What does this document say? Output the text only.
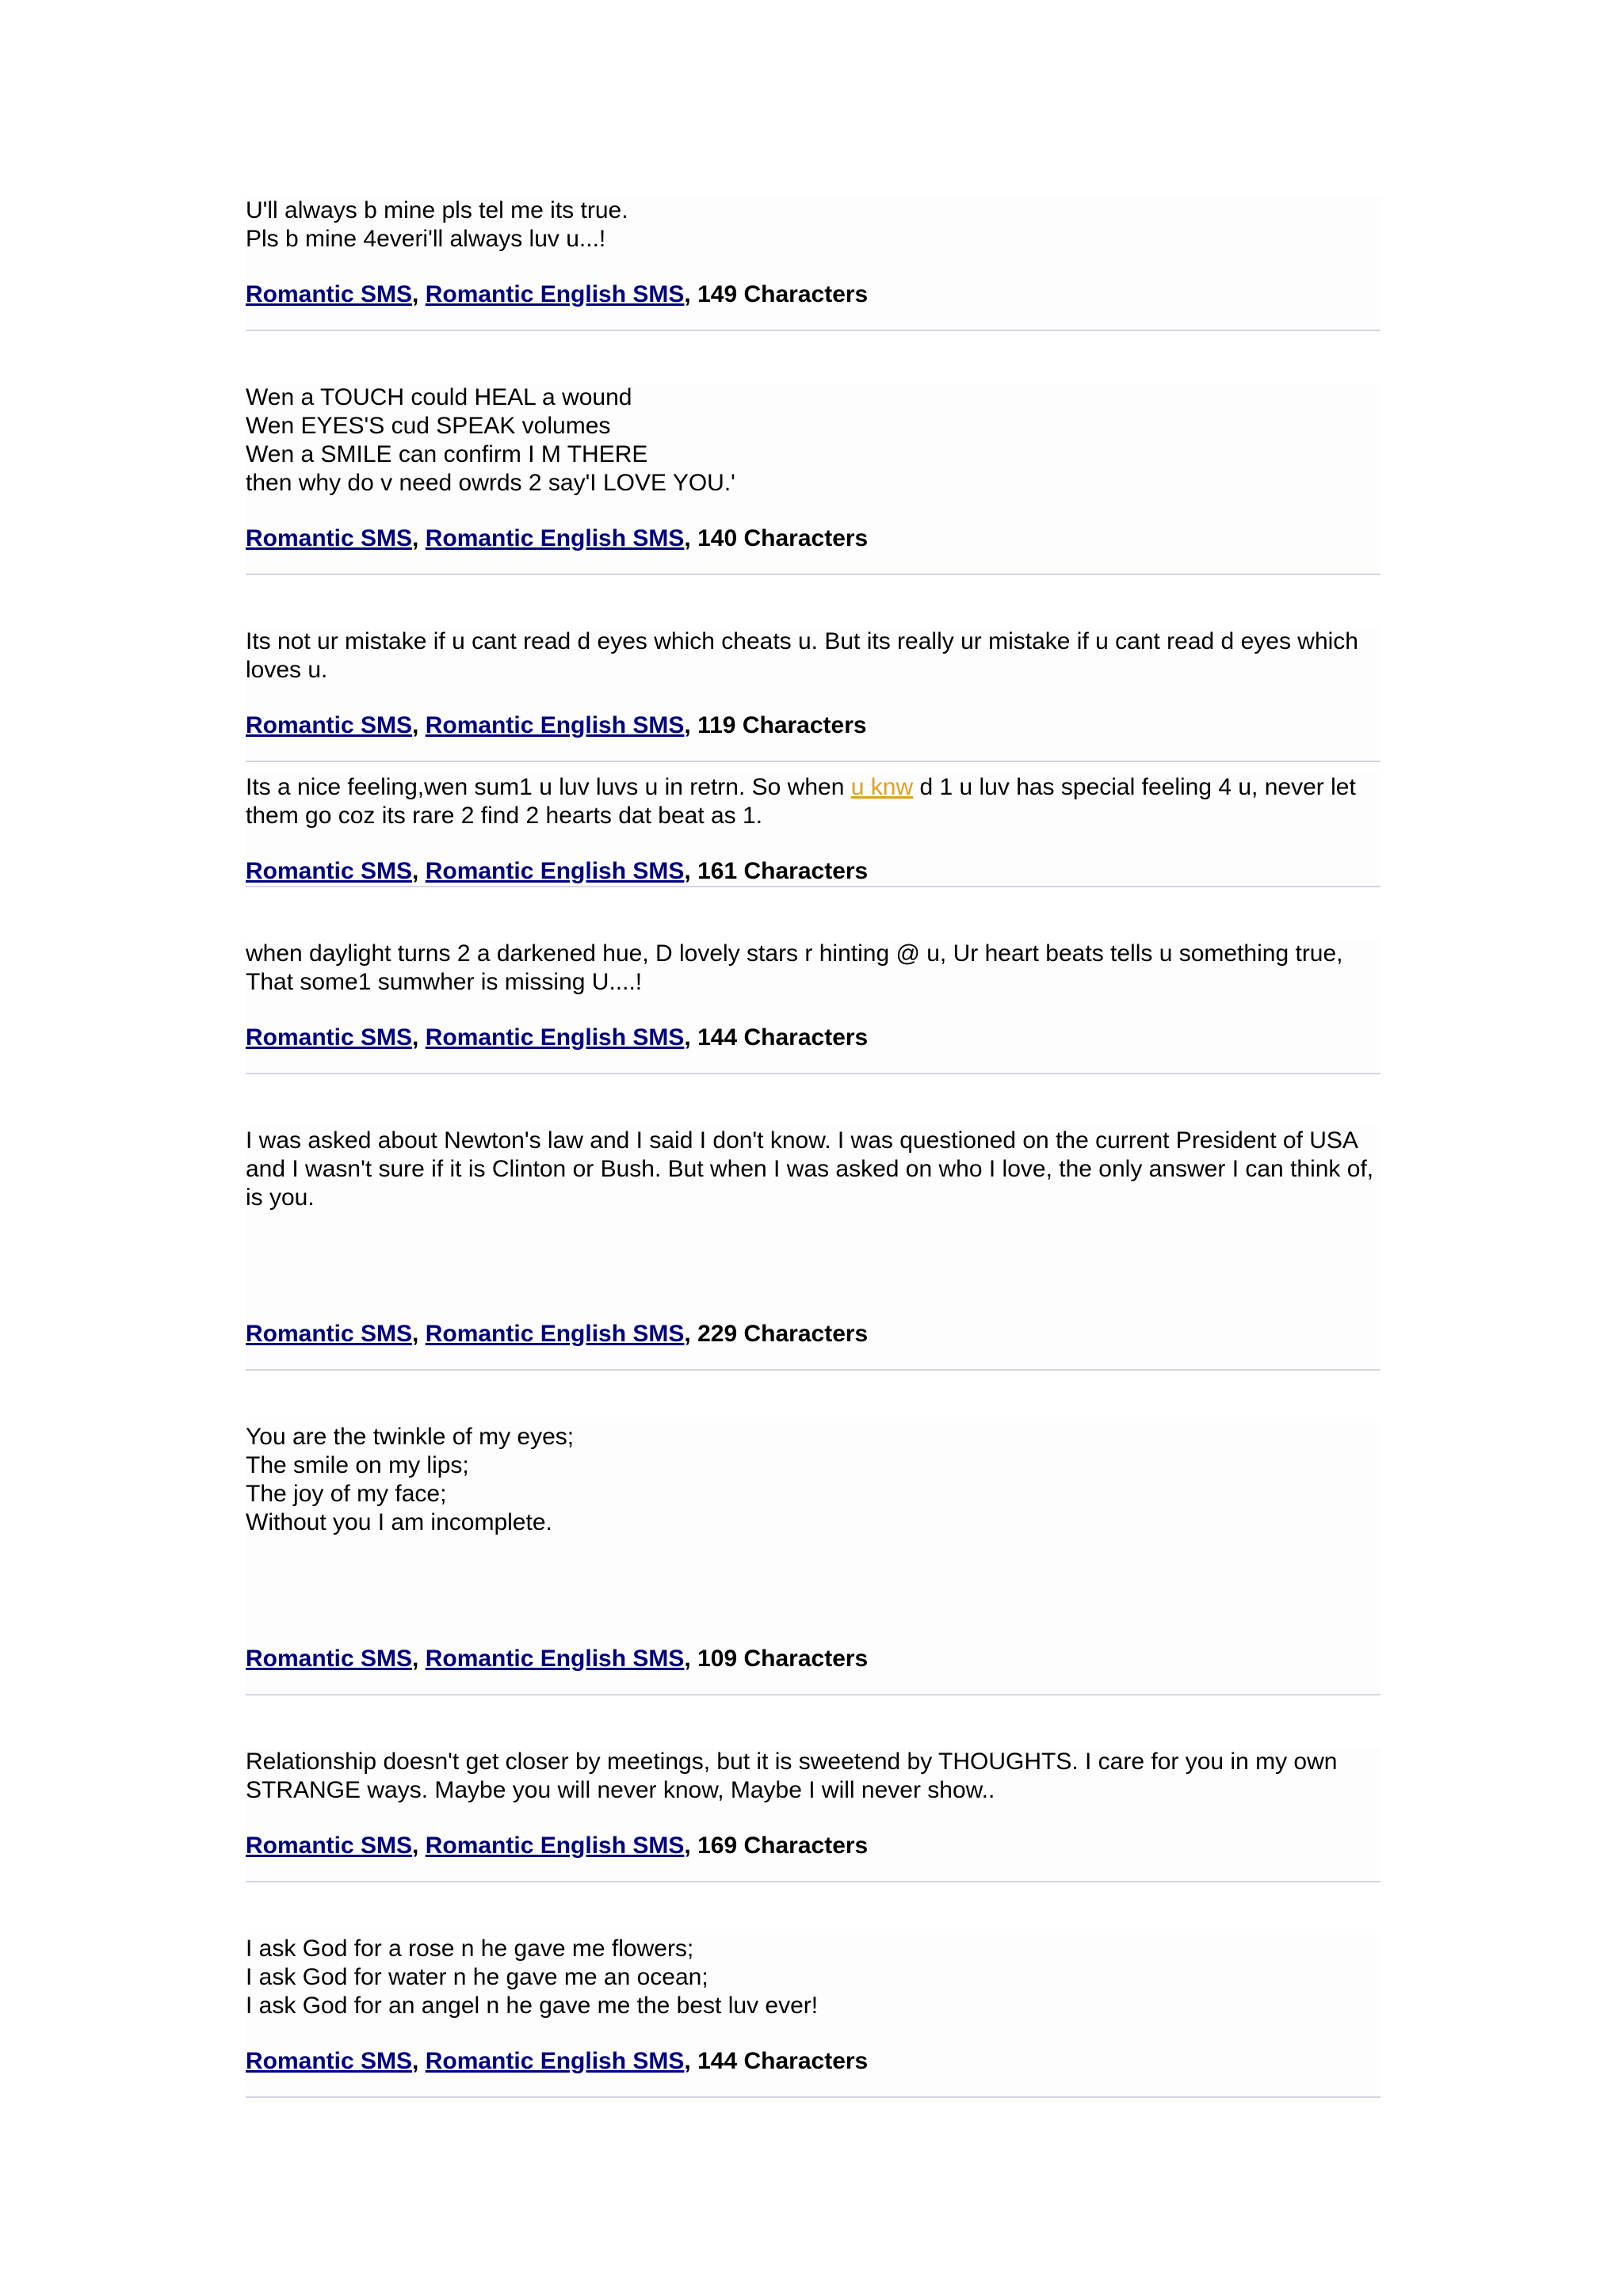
U'll always b mine pls tel me its true.
Pls b mine 4everi'll always luv u...!

Romantic SMS, Romantic English SMS, 149 Characters

Wen a TOUCH could HEAL a wound
Wen EYES'S cud SPEAK volumes
Wen a SMILE can confirm I M THERE
then why do v need owrds 2 say'I LOVE YOU.'

Romantic SMS, Romantic English SMS, 140 Characters

Its not ur mistake if u cant read d eyes which cheats u. But its really ur mistake if u cant read d eyes which loves u.

Romantic SMS, Romantic English SMS, 119 Characters

Its a nice feeling,wen sum1 u luv luvs u in retrn. So when u knw d 1 u luv has special feeling 4 u, never let them go coz its rare 2 find 2 hearts dat beat as 1.

Romantic SMS, Romantic English SMS, 161 Characters

when daylight turns 2 a darkened hue, D lovely stars r hinting @ u, Ur heart beats tells u something true, That some1 sumwher is missing U....!

Romantic SMS, Romantic English SMS, 144 Characters

I was asked about Newton's law and I said I don't know. I was questioned on the current President of USA and I wasn't sure if it is Clinton or Bush. But when I was asked on who I love, the only answer I can think of, is you.

Romantic SMS, Romantic English SMS, 229 Characters

You are the twinkle of my eyes;
The smile on my lips;
The joy of my face;
Without you I am incomplete.

Romantic SMS, Romantic English SMS, 109 Characters

Relationship doesn't get closer by meetings, but it is sweetend by THOUGHTS. I care for you in my own STRANGE ways. Maybe you will never know, Maybe I will never show..

Romantic SMS, Romantic English SMS, 169 Characters

I ask God for a rose n he gave me flowers;
I ask God for water n he gave me an ocean;
I ask God for an angel n he gave me the best luv ever!

Romantic SMS, Romantic English SMS, 144 Characters
